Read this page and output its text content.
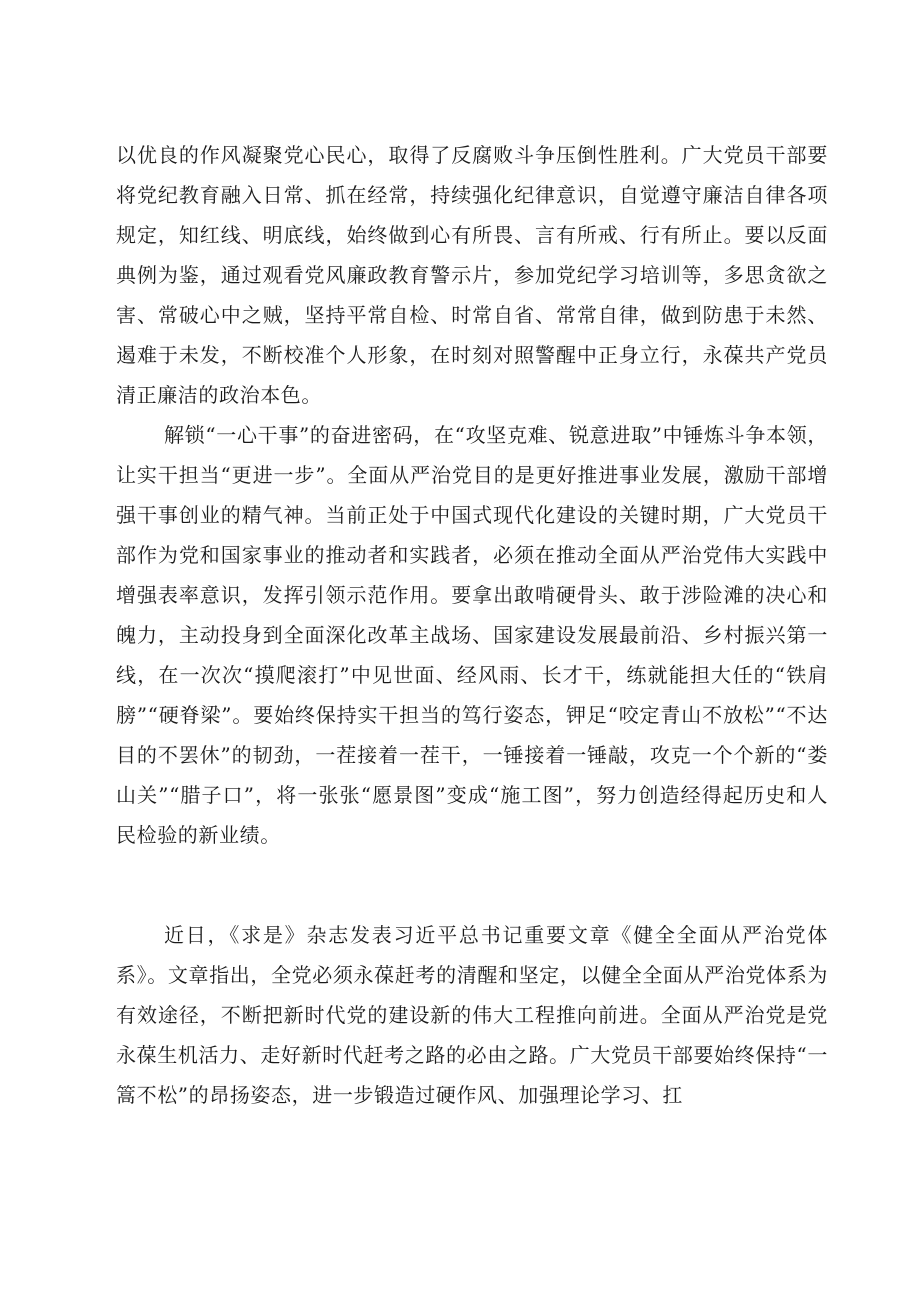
以优良的作风凝聚党心民心，取得了反腐败斗争压倒性胜利。广大党员干部要将党纪教育融入日常、抓在经常，持续强化纪律意识，自觉遵守廉洁自律各项规定，知红线、明底线，始终做到心有所畏、言有所戒、行有所止。要以反面典例为鉴，通过观看党风廉政教育警示片，参加党纪学习培训等，多思贪欲之害、常破心中之贼，坚持平常自检、时常自省、常常自律，做到防患于未然、遏难于未发，不断校准个人形象，在时刻对照警醒中正身立行，永葆共产党员清正廉洁的政治本色。

解锁“一心干事”的奋进密码，在“攻坚克难、锐意进取”中锤炼斗争本领，让实干担当“更进一步”。全面从严治党目的是更好推进事业发展，激励干部增强干事创业的精气神。当前正处于中国式现代化建设的关键时期，广大党员干部作为党和国家事业的推动者和实践者，必须在推动全面从严治党伟大实践中增强表率意识，发挥引领示范作用。要拿出敢啃硬骨头、敢于涉险滩的决心和魄力，主动投身到全面深化改革主战场、国家建设发展最前沿、乡村振兴第一线，在一次次“摸爬滚打”中见世面、经风雨、长才干，练就能担大任的“铁肩膀”“硬脊梁”。要始终保持实干担当的笃行姿态，钾足“咬定青山不放松”“不达目的不罢休”的韧劲，一茬接着一茬干，一锤接着一锤敲，攻克一个个新的“娄山关”“腊子口”，将一张张“愿景图”变成“施工图”，努力创造经得起历史和人民检验的新业绩。

近日，《求是》杂志发表习近平总书记重要文章《健全全面从严治党体系》。文章指出，全党必须永葆赶考的清醒和坚定，以健全全面从严治党体系为有效途径，不断把新时代党的建设新的伟大工程推向前进。全面从严治党是党永葆生机活力、走好新时代赶考之路的必由之路。广大党员干部要始终保持“一篙不松”的昂扬姿态，进一步锻造过硬作风、加强理论学习、扛
